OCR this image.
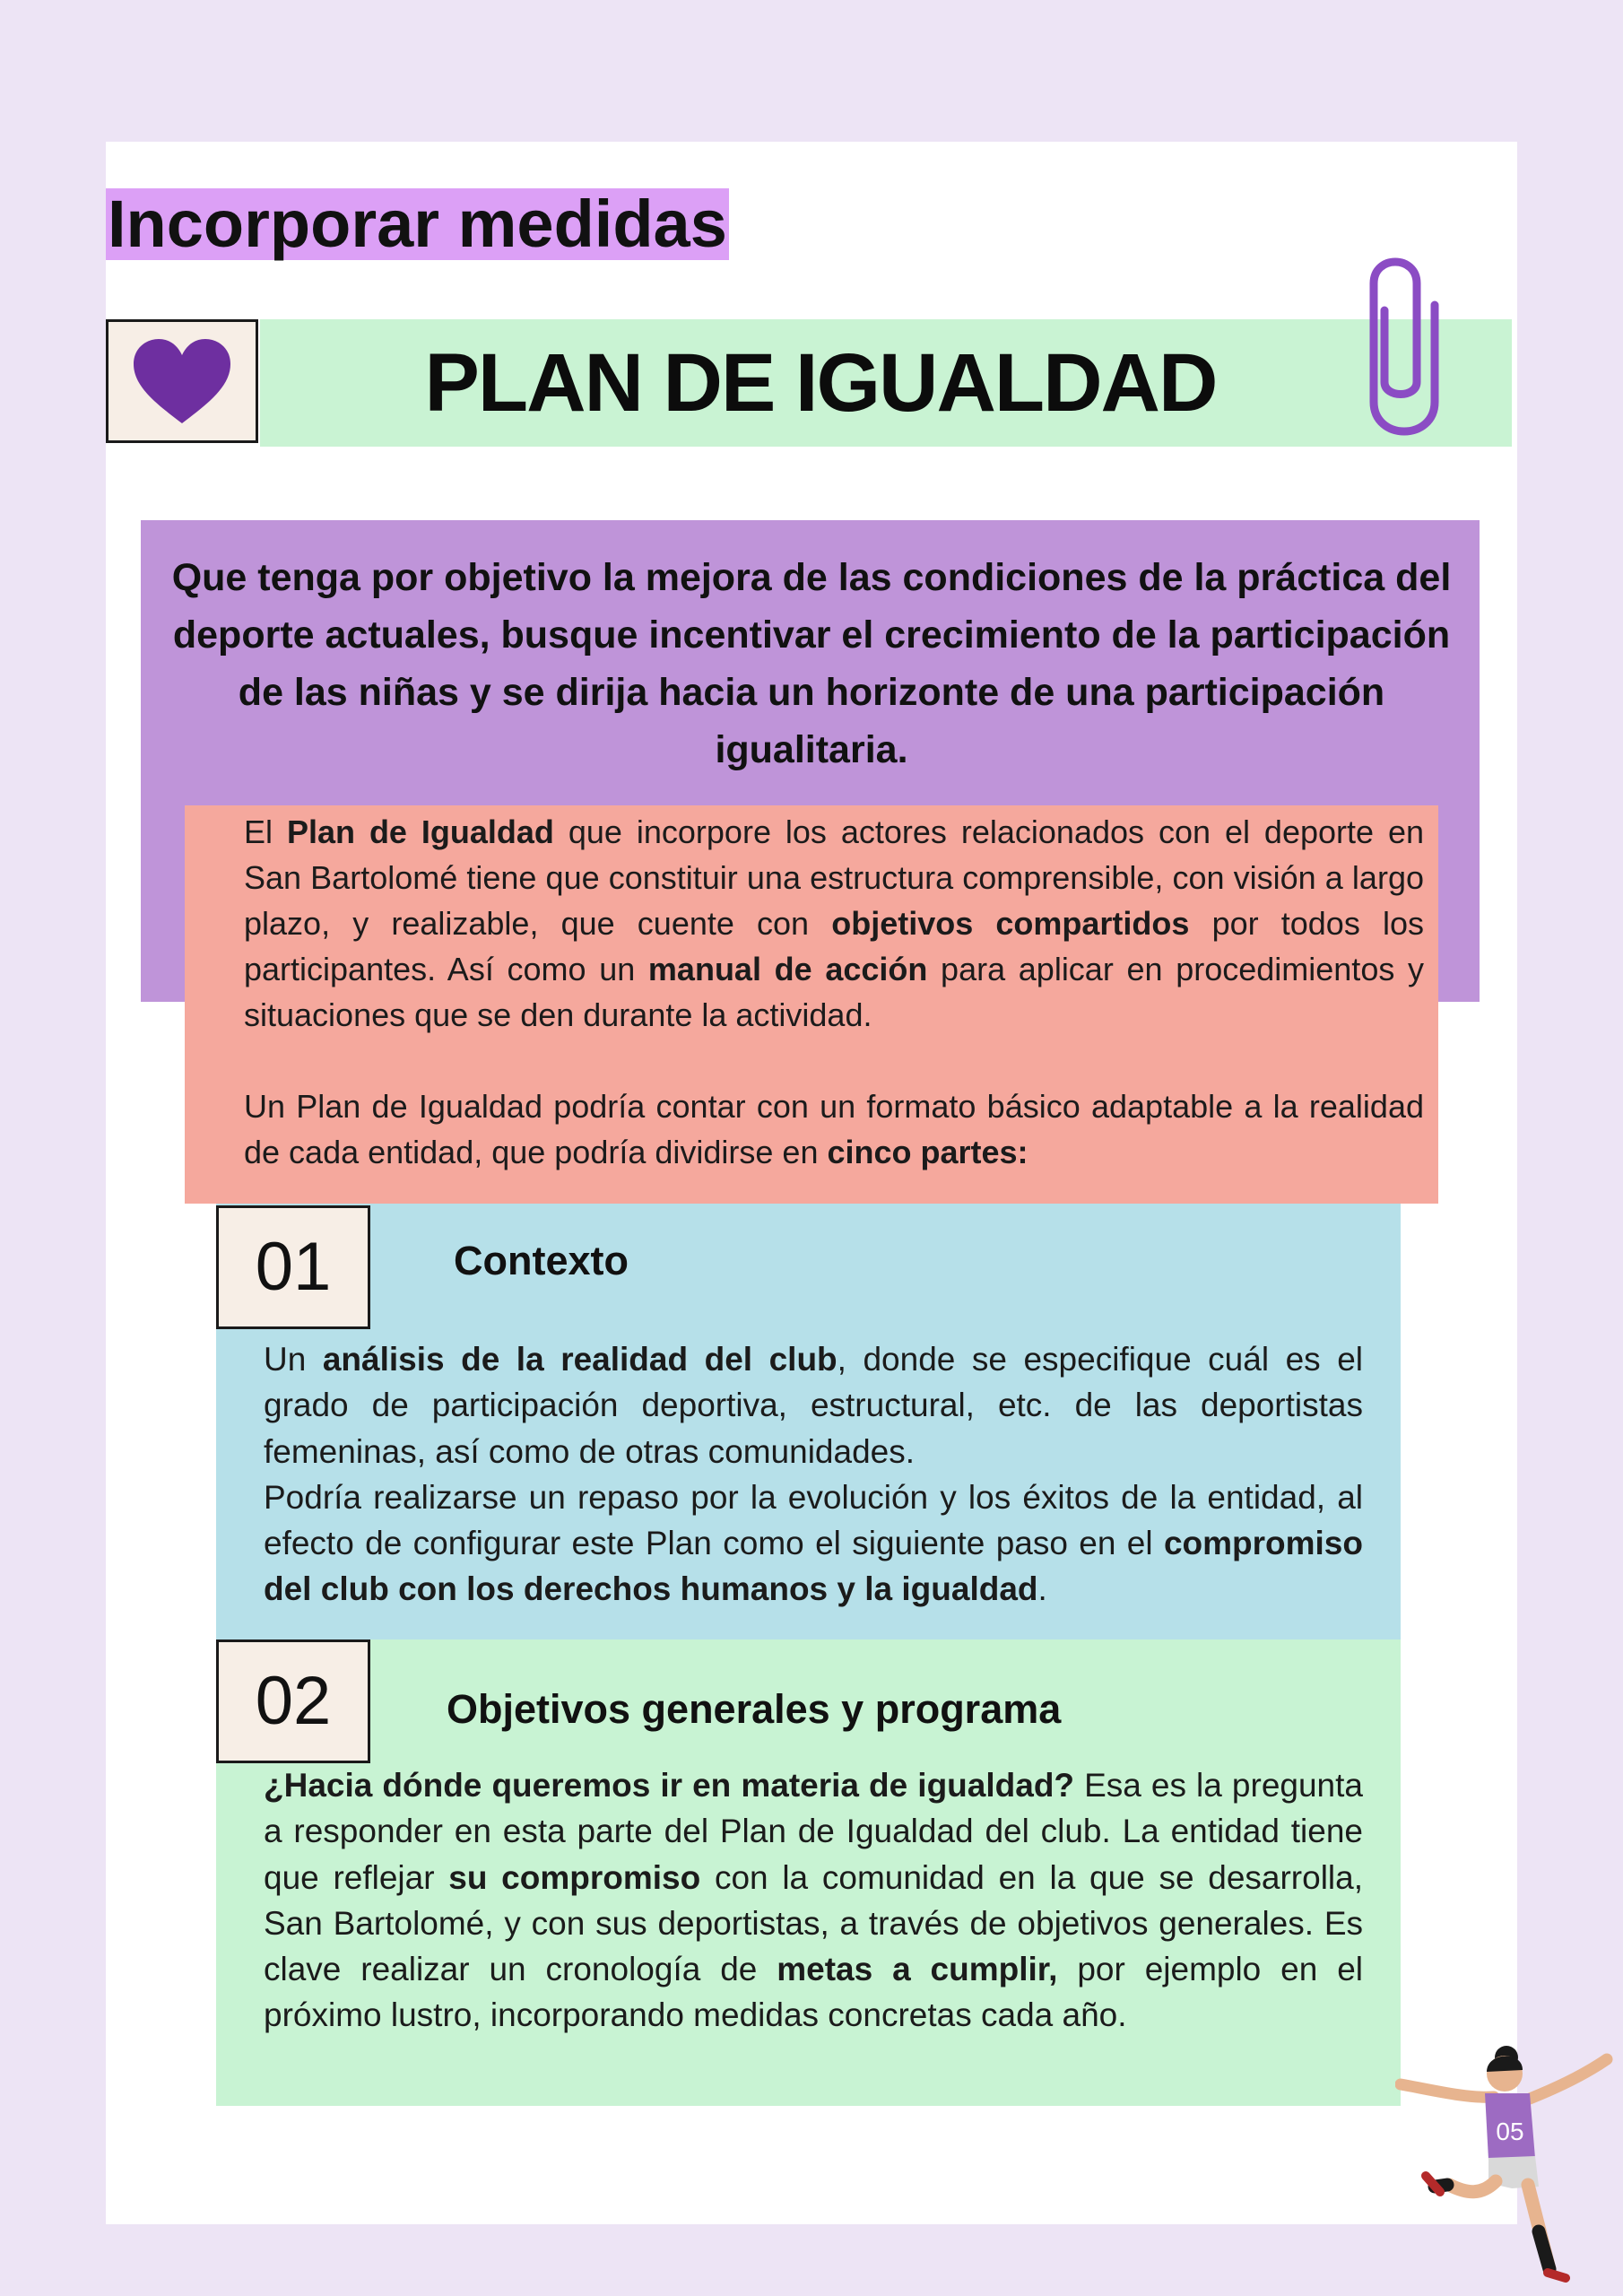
Incorporar medidas
PLAN DE IGUALDAD
Que tenga por objetivo la mejora de las condiciones de la práctica del deporte actuales, busque incentivar el crecimiento de la participación de las niñas y se dirija hacia un horizonte de una participación igualitaria.

El Plan de Igualdad que incorpore los actores relacionados con el deporte en San Bartolomé tiene que constituir una estructura comprensible, con visión a largo plazo, y realizable, que cuente con objetivos compartidos por todos los participantes. Así como un manual de acción para aplicar en procedimientos y situaciones que se den durante la actividad.

Un Plan de Igualdad podría contar con un formato básico adaptable a la realidad de cada entidad, que podría dividirse en cinco partes:

01	Contexto

Un análisis de la realidad del club, donde se especifique cuál es el grado de participación deportiva, estructural, etc. de las deportistas femeninas, así como de otras comunidades.

Podría realizarse un repaso por la evolución y los éxitos de la entidad, al efecto de configurar este Plan como el siguiente paso en el compromiso del club con los derechos humanos y la igualdad.

02	Objetivos generales y programa

¿Hacia dónde queremos ir en materia de igualdad? Esa es la pregunta a responder en esta parte del Plan de Igualdad del club. La entidad tiene que reflejar su compromiso con la comunidad en la que se desarrolla, San Bartolomé, y con sus deportistas, a través de objetivos generales. Es clave realizar un cronología de metas a cumplir, por ejemplo en el próximo lustro, incorporando medidas concretas cada año.

05
